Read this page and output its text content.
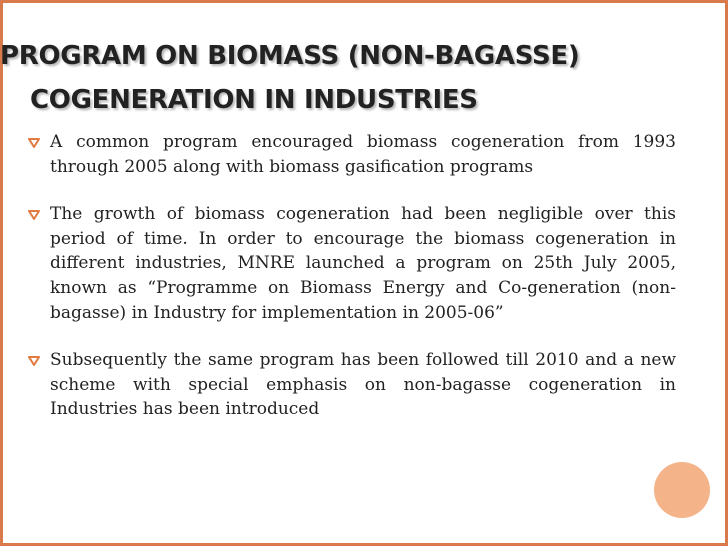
PROGRAM ON BIOMASS (NON-BAGASSE)
COGENERATION IN INDUSTRIES
A common program encouraged biomass cogeneration from 1993 through 2005 along with biomass gasification programs
The growth of biomass cogeneration had been negligible over this period of time. In order to encourage the biomass cogeneration in different industries, MNRE launched a program on 25th July 2005, known as “Programme on Biomass Energy and Co-generation (non-bagasse) in Industry for implementation in 2005-06”
Subsequently the same program has been followed till 2010 and a new scheme with special emphasis on non-bagasse cogeneration in Industries has been introduced
